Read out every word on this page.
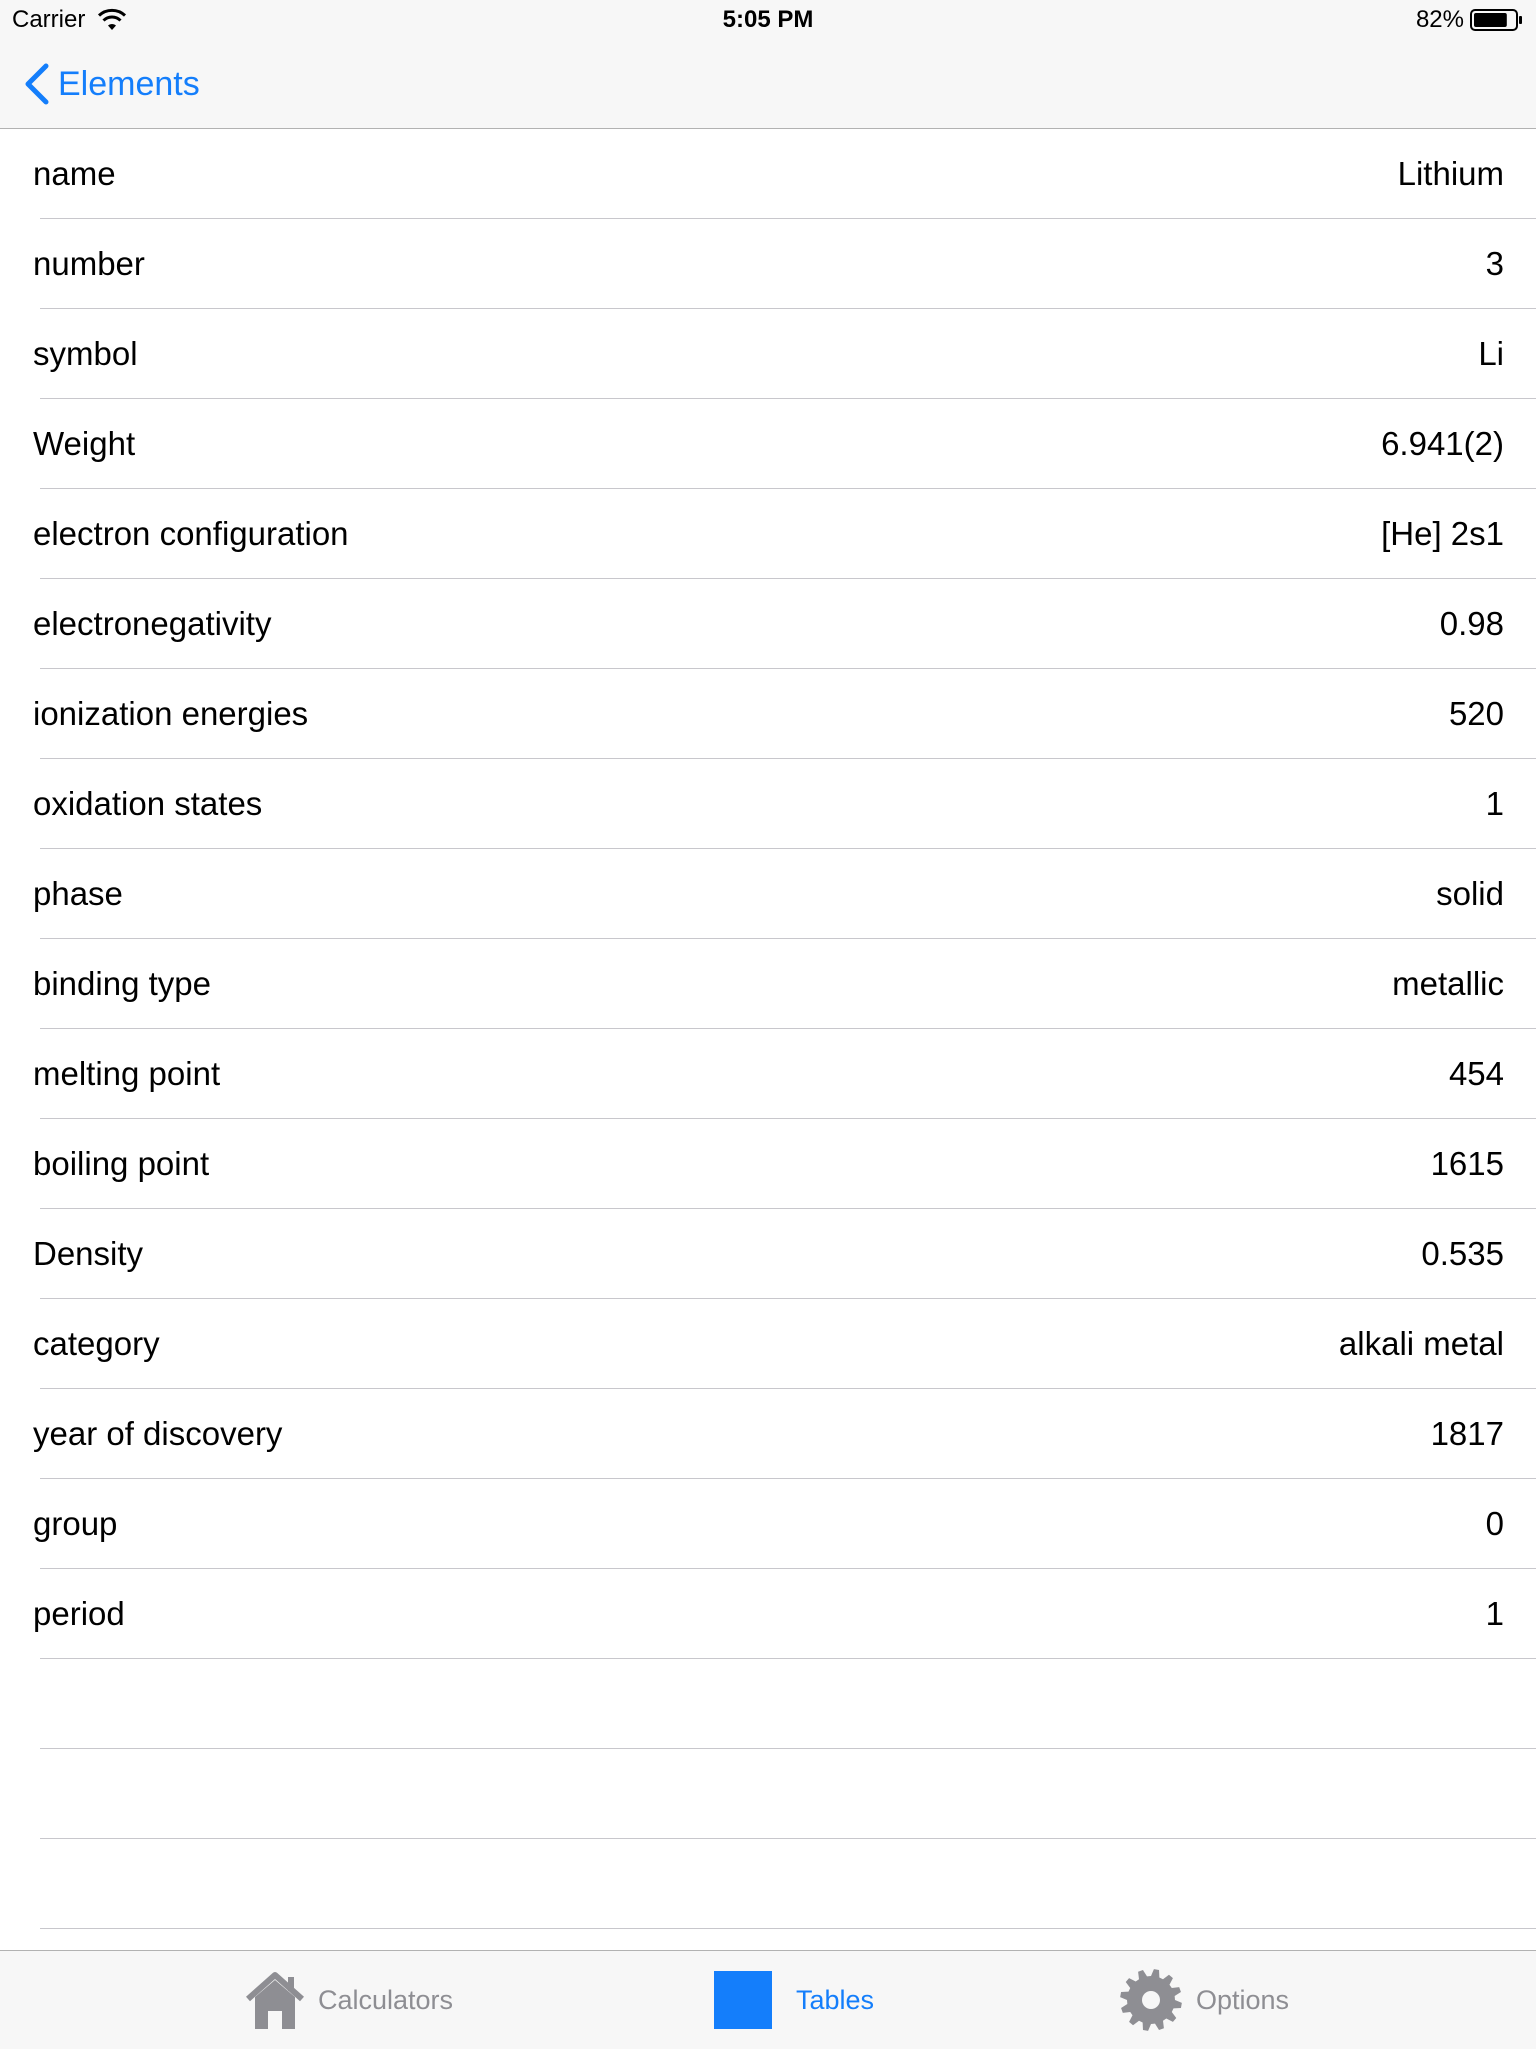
Carrier	5:05 PM	82%
Elements
name	Lithium
number	3
symbol	Li
Weight	6.941(2)
electron configuration	[He] 2s1
electronegativity	0.98
ionization energies	520
oxidation states	1
phase	solid
binding type	metallic
melting point	454
boiling point	1615
Density	0.535
category	alkali metal
year of discovery	1817
group	0
period	1
Calculators	Tables	Options
